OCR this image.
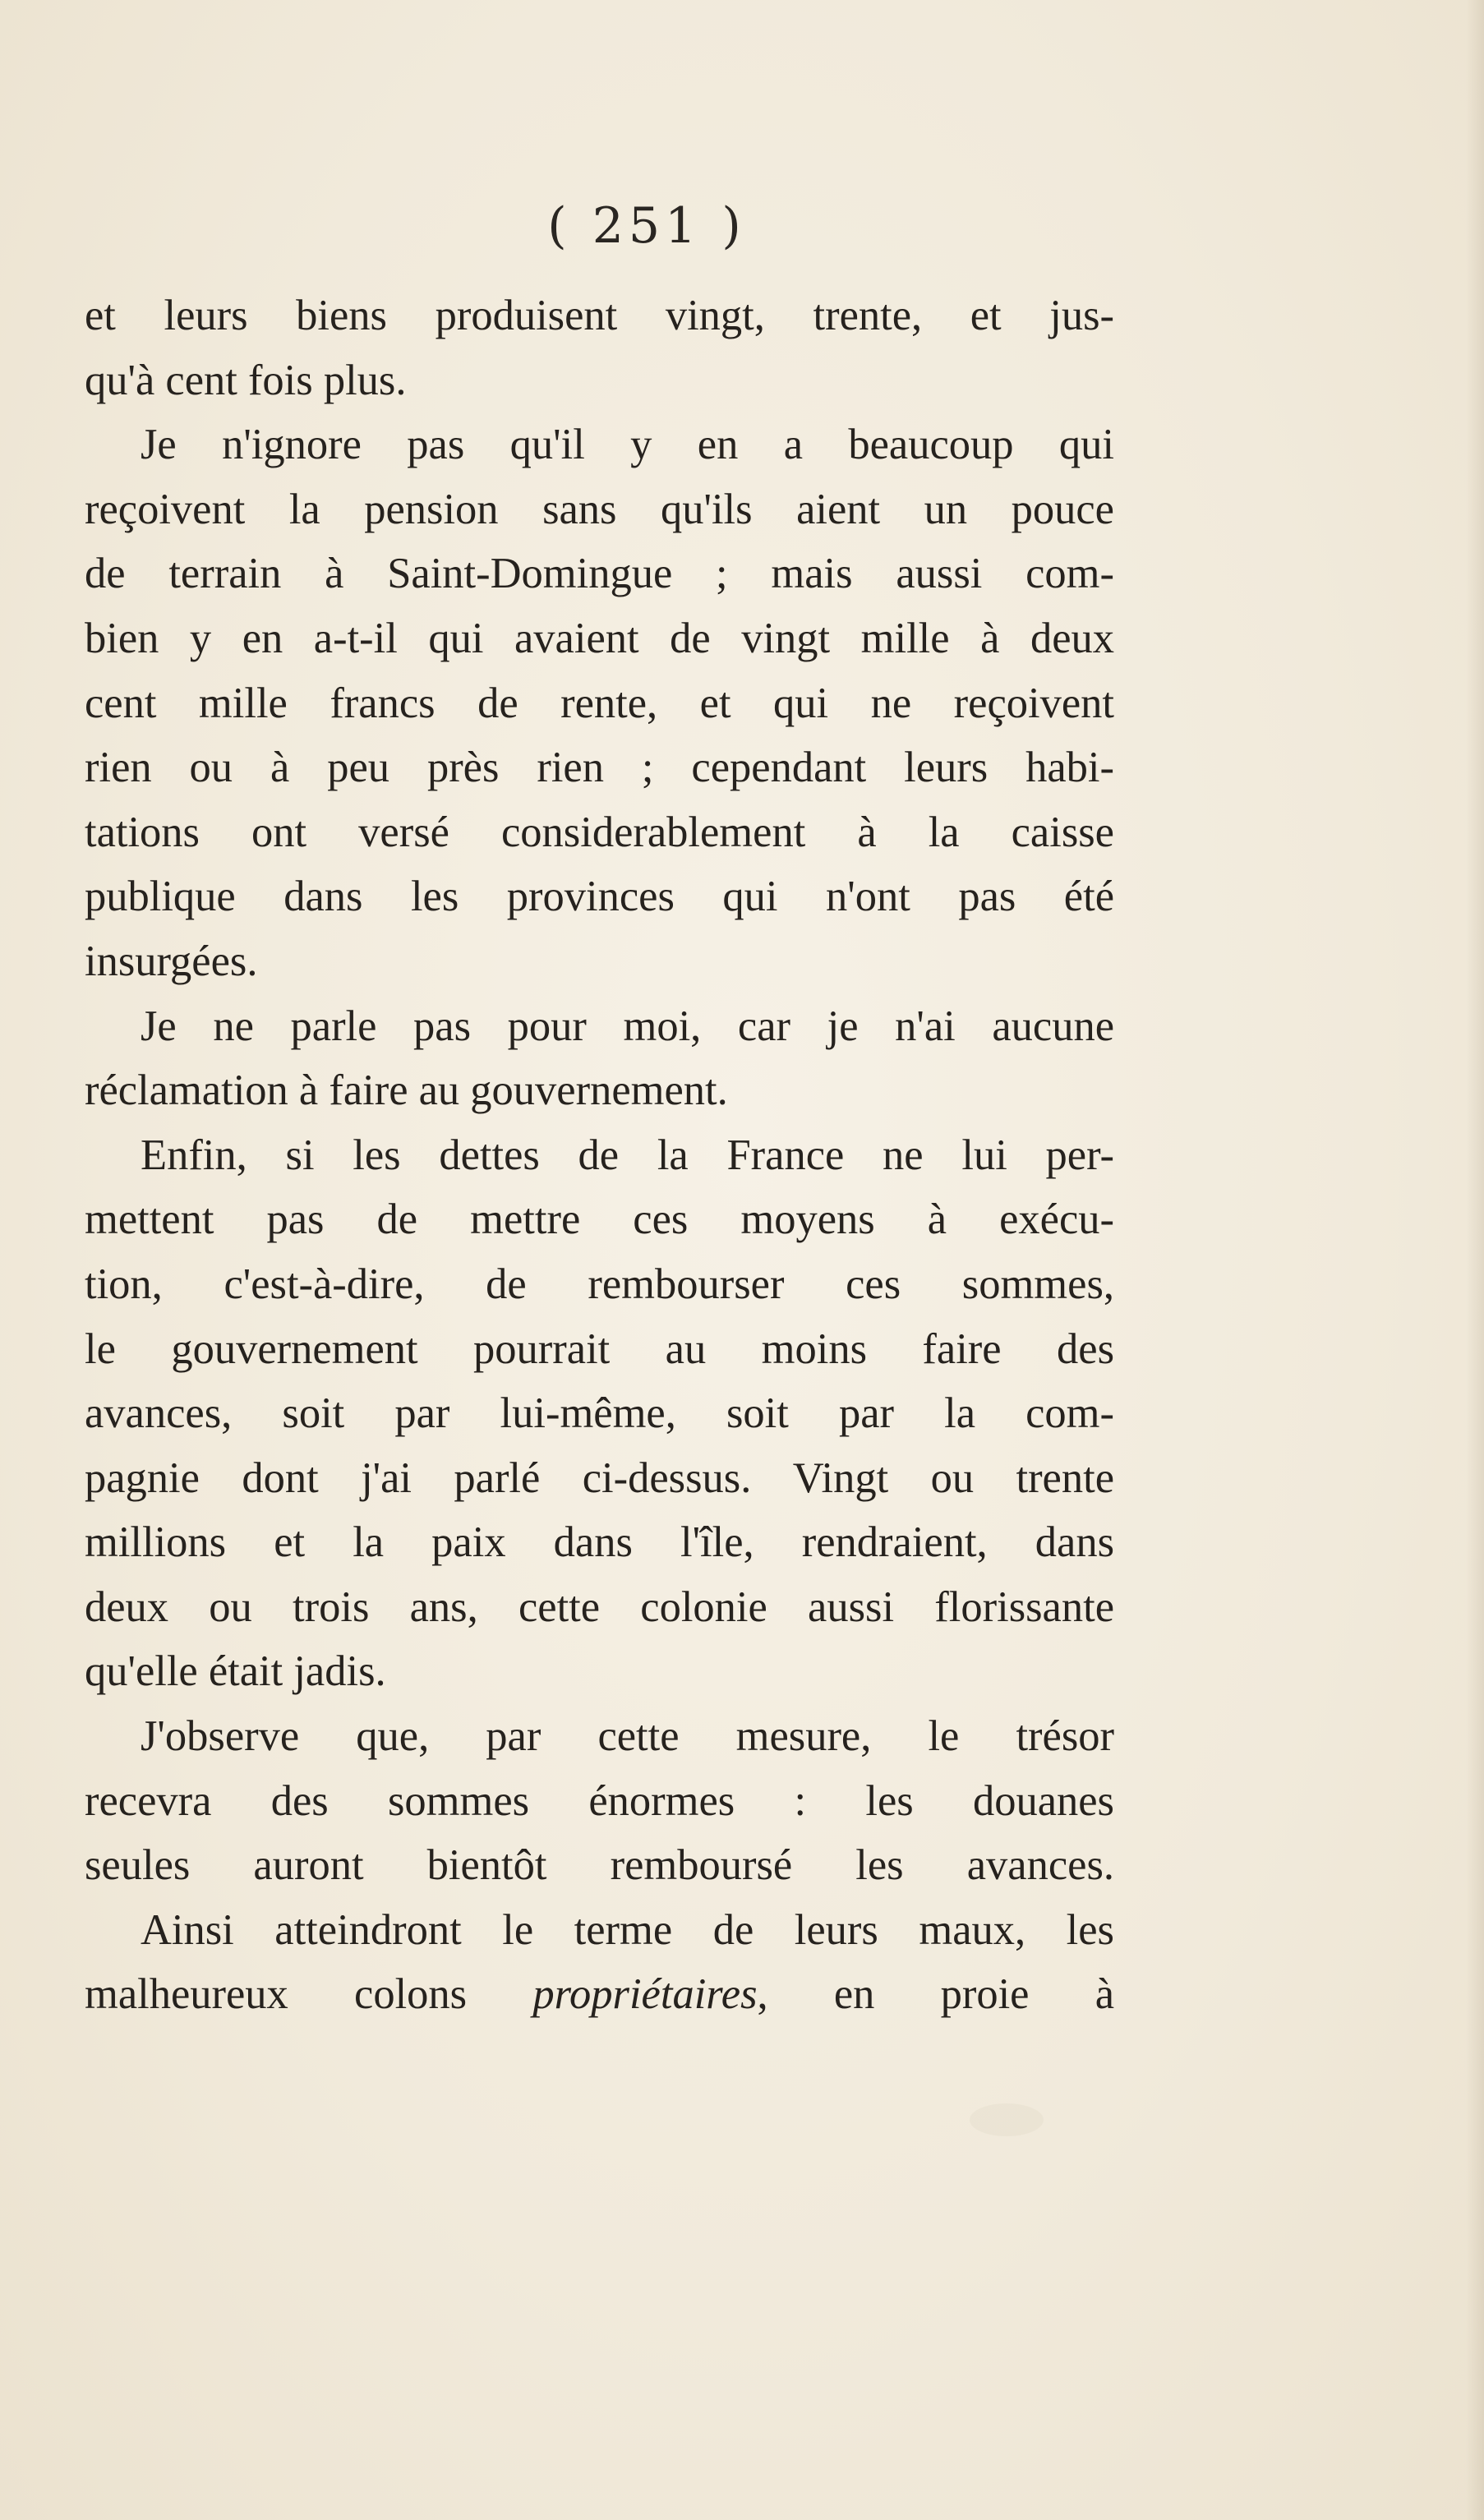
( 251 )
et leurs biens produisent vingt, trente, et jus-
qu'à cent fois plus.
Je n'ignore pas qu'il y en a beaucoup qui
reçoivent la pension sans qu'ils aient un pouce
de terrain à Saint-Domingue ; mais aussi com-
bien y en a-t-il qui avaient de vingt mille à deux
cent mille francs de rente, et qui ne reçoivent
rien ou à peu près rien ; cependant leurs habi-
tations ont versé considerablement à la caisse
publique dans les provinces qui n'ont pas été
insurgées.
Je ne parle pas pour moi, car je n'ai aucune
réclamation à faire au gouvernement.
Enfin, si les dettes de la France ne lui per-
mettent pas de mettre ces moyens à exécu-
tion, c'est-à-dire, de rembourser ces sommes,
le gouvernement pourrait au moins faire des
avances, soit par lui-même, soit par la com-
pagnie dont j'ai parlé ci-dessus. Vingt ou trente
millions et la paix dans l'île, rendraient, dans
deux ou trois ans, cette colonie aussi florissante
qu'elle était jadis.
J'observe que, par cette mesure, le trésor
recevra des sommes énormes : les douanes
seules auront bientôt remboursé les avances.
Ainsi atteindront le terme de leurs maux, les
malheureux colons propriétaires, en proie à
